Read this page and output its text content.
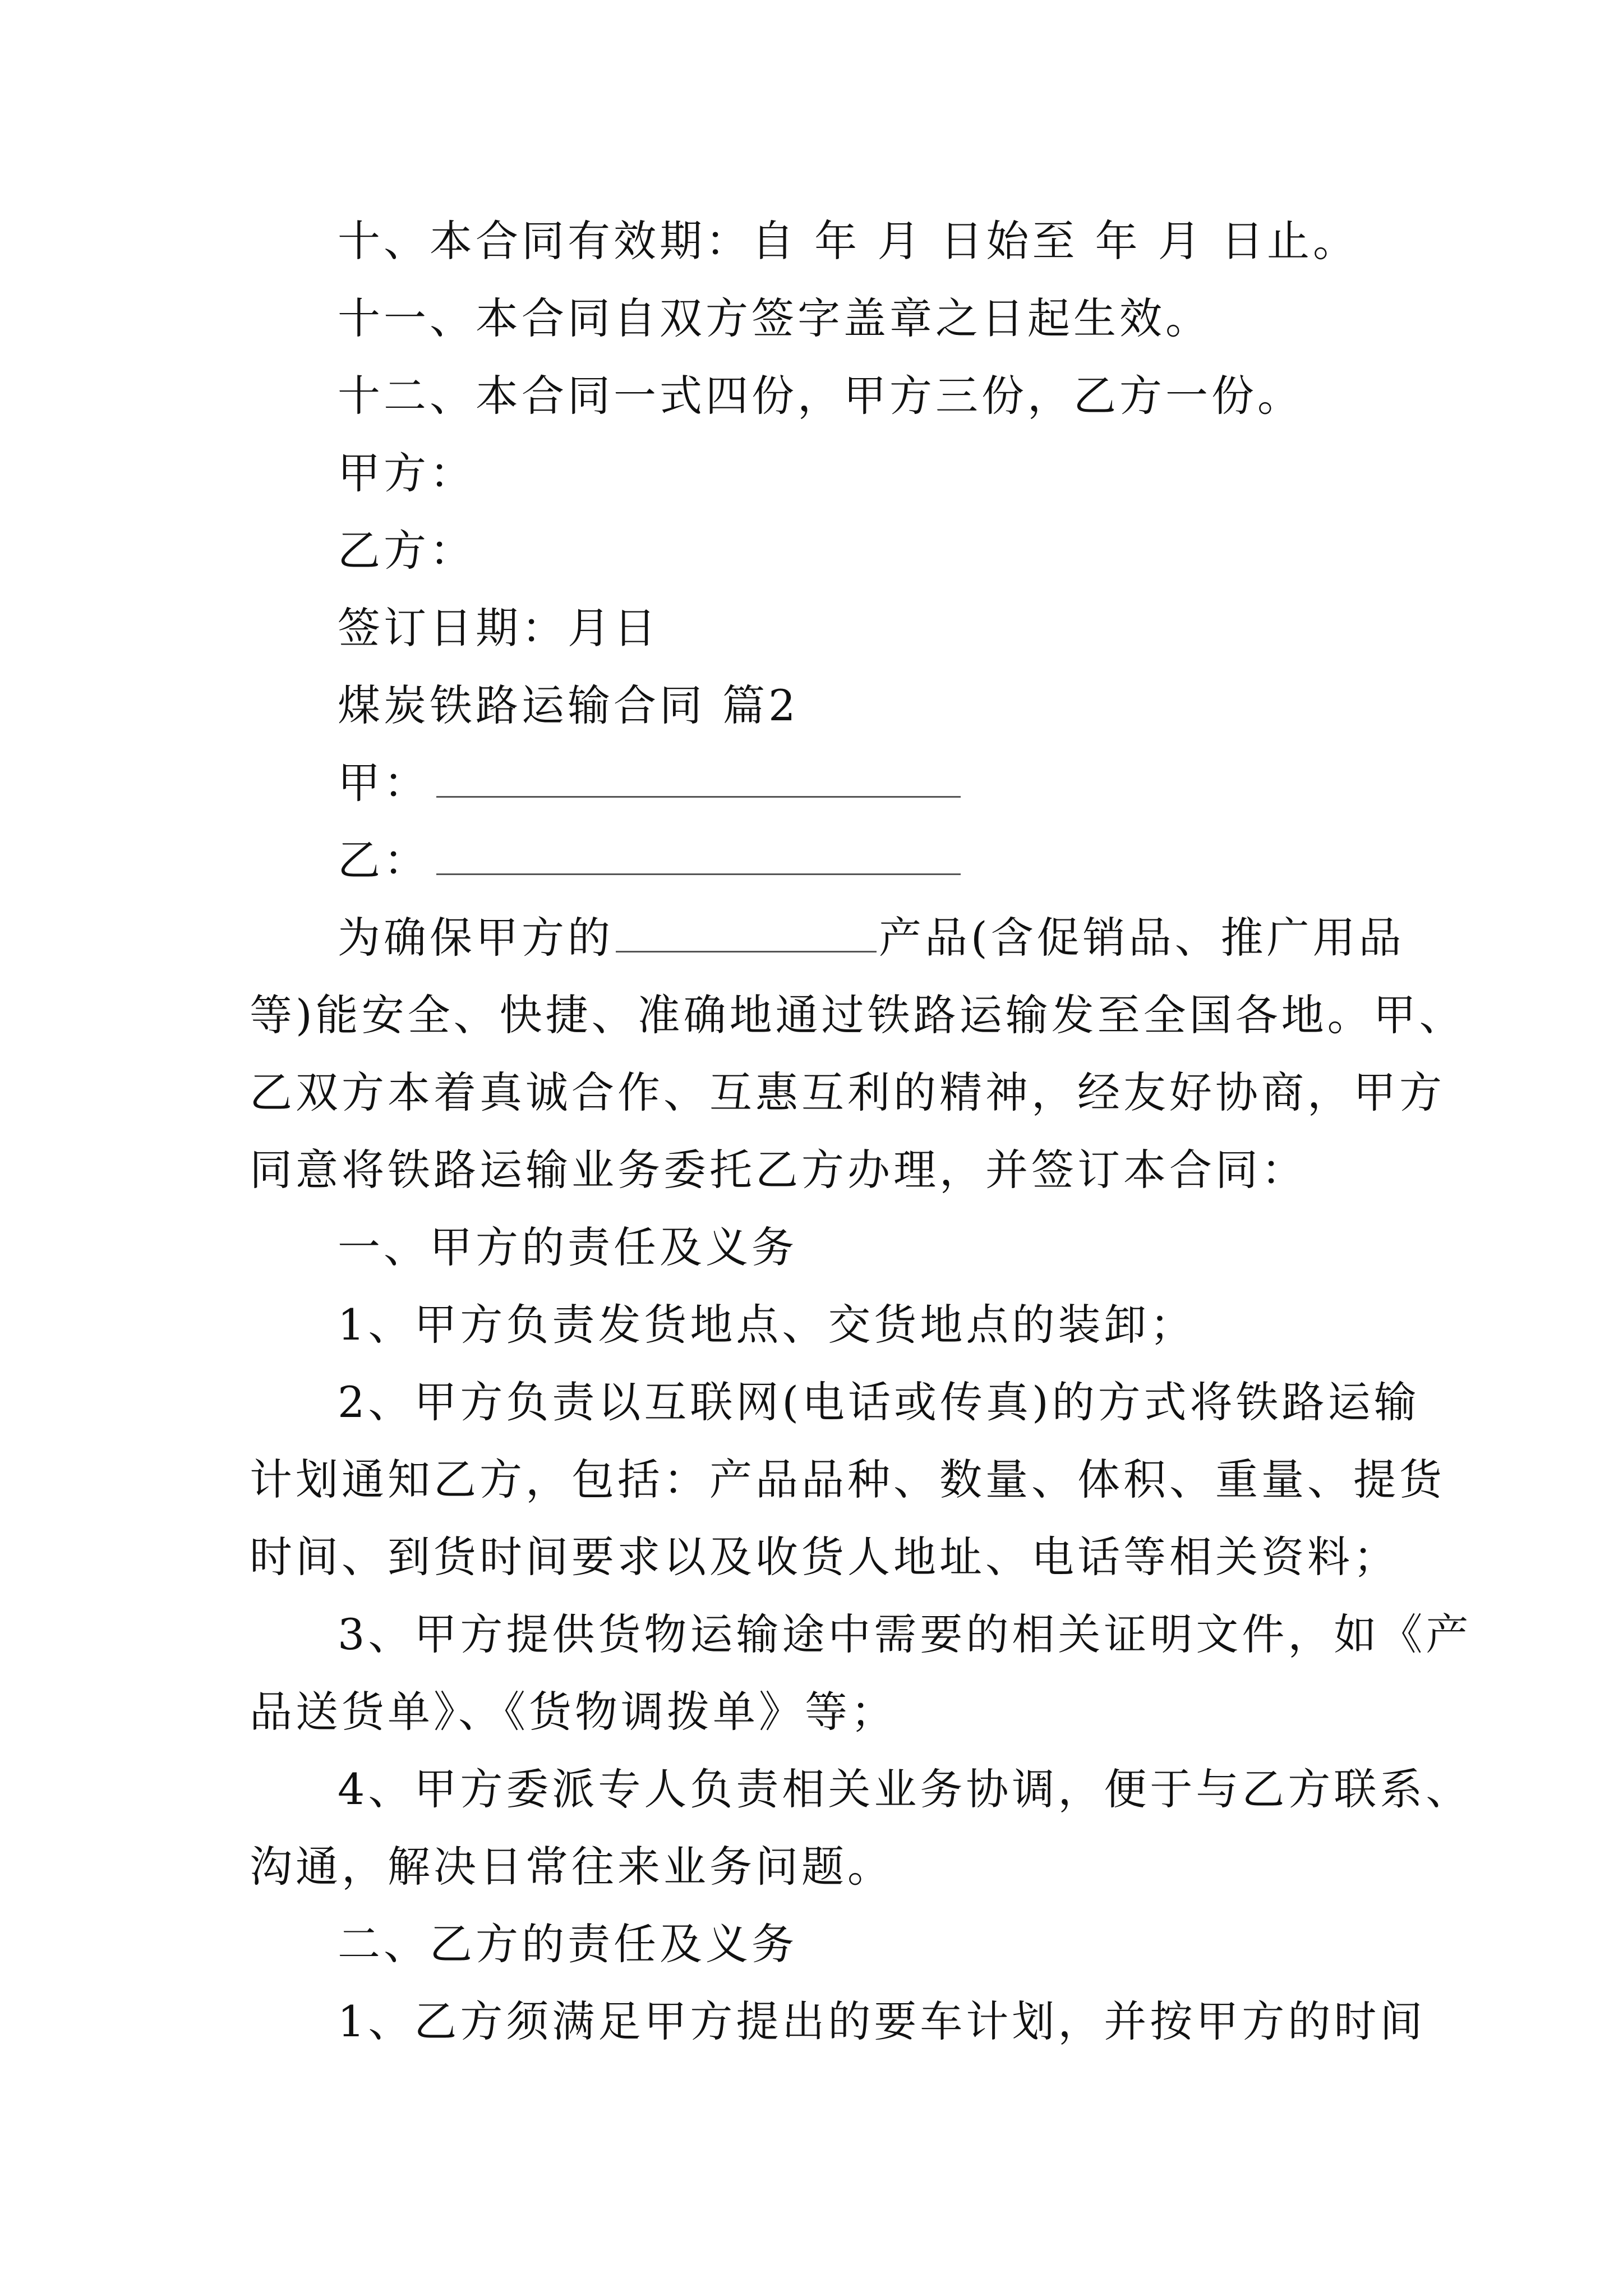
十、本合同有效期：自 年 月 日始至 年 月 日止。
十一、本合同自双方签字盖章之日起生效。
十二、本合同一式四份，甲方三份，乙方一份。
甲方：
乙方：
签订日期：月日
煤炭铁路运输合同 篇2
甲：
乙：
为确保甲方的	产品(含促销品、推广用品
等)能安全、快捷、准确地通过铁路运输发至全国各地。甲、
乙双方本着真诚合作、互惠互利的精神，经友好协商，甲方
同意将铁路运输业务委托乙方办理，并签订本合同：
一、甲方的责任及义务
1、甲方负责发货地点、交货地点的装卸；
2、甲方负责以互联网(电话或传真)的方式将铁路运输
计划通知乙方，包括：产品品种、数量、体积、重量、提货
时间、到货时间要求以及收货人地址、电话等相关资料；
3、甲方提供货物运输途中需要的相关证明文件，如《产
品送货单》、《货物调拨单》等；
4、甲方委派专人负责相关业务协调，便于与乙方联系、
沟通，解决日常往来业务问题。
二、乙方的责任及义务
1、乙方须满足甲方提出的要车计划，并按甲方的时间
